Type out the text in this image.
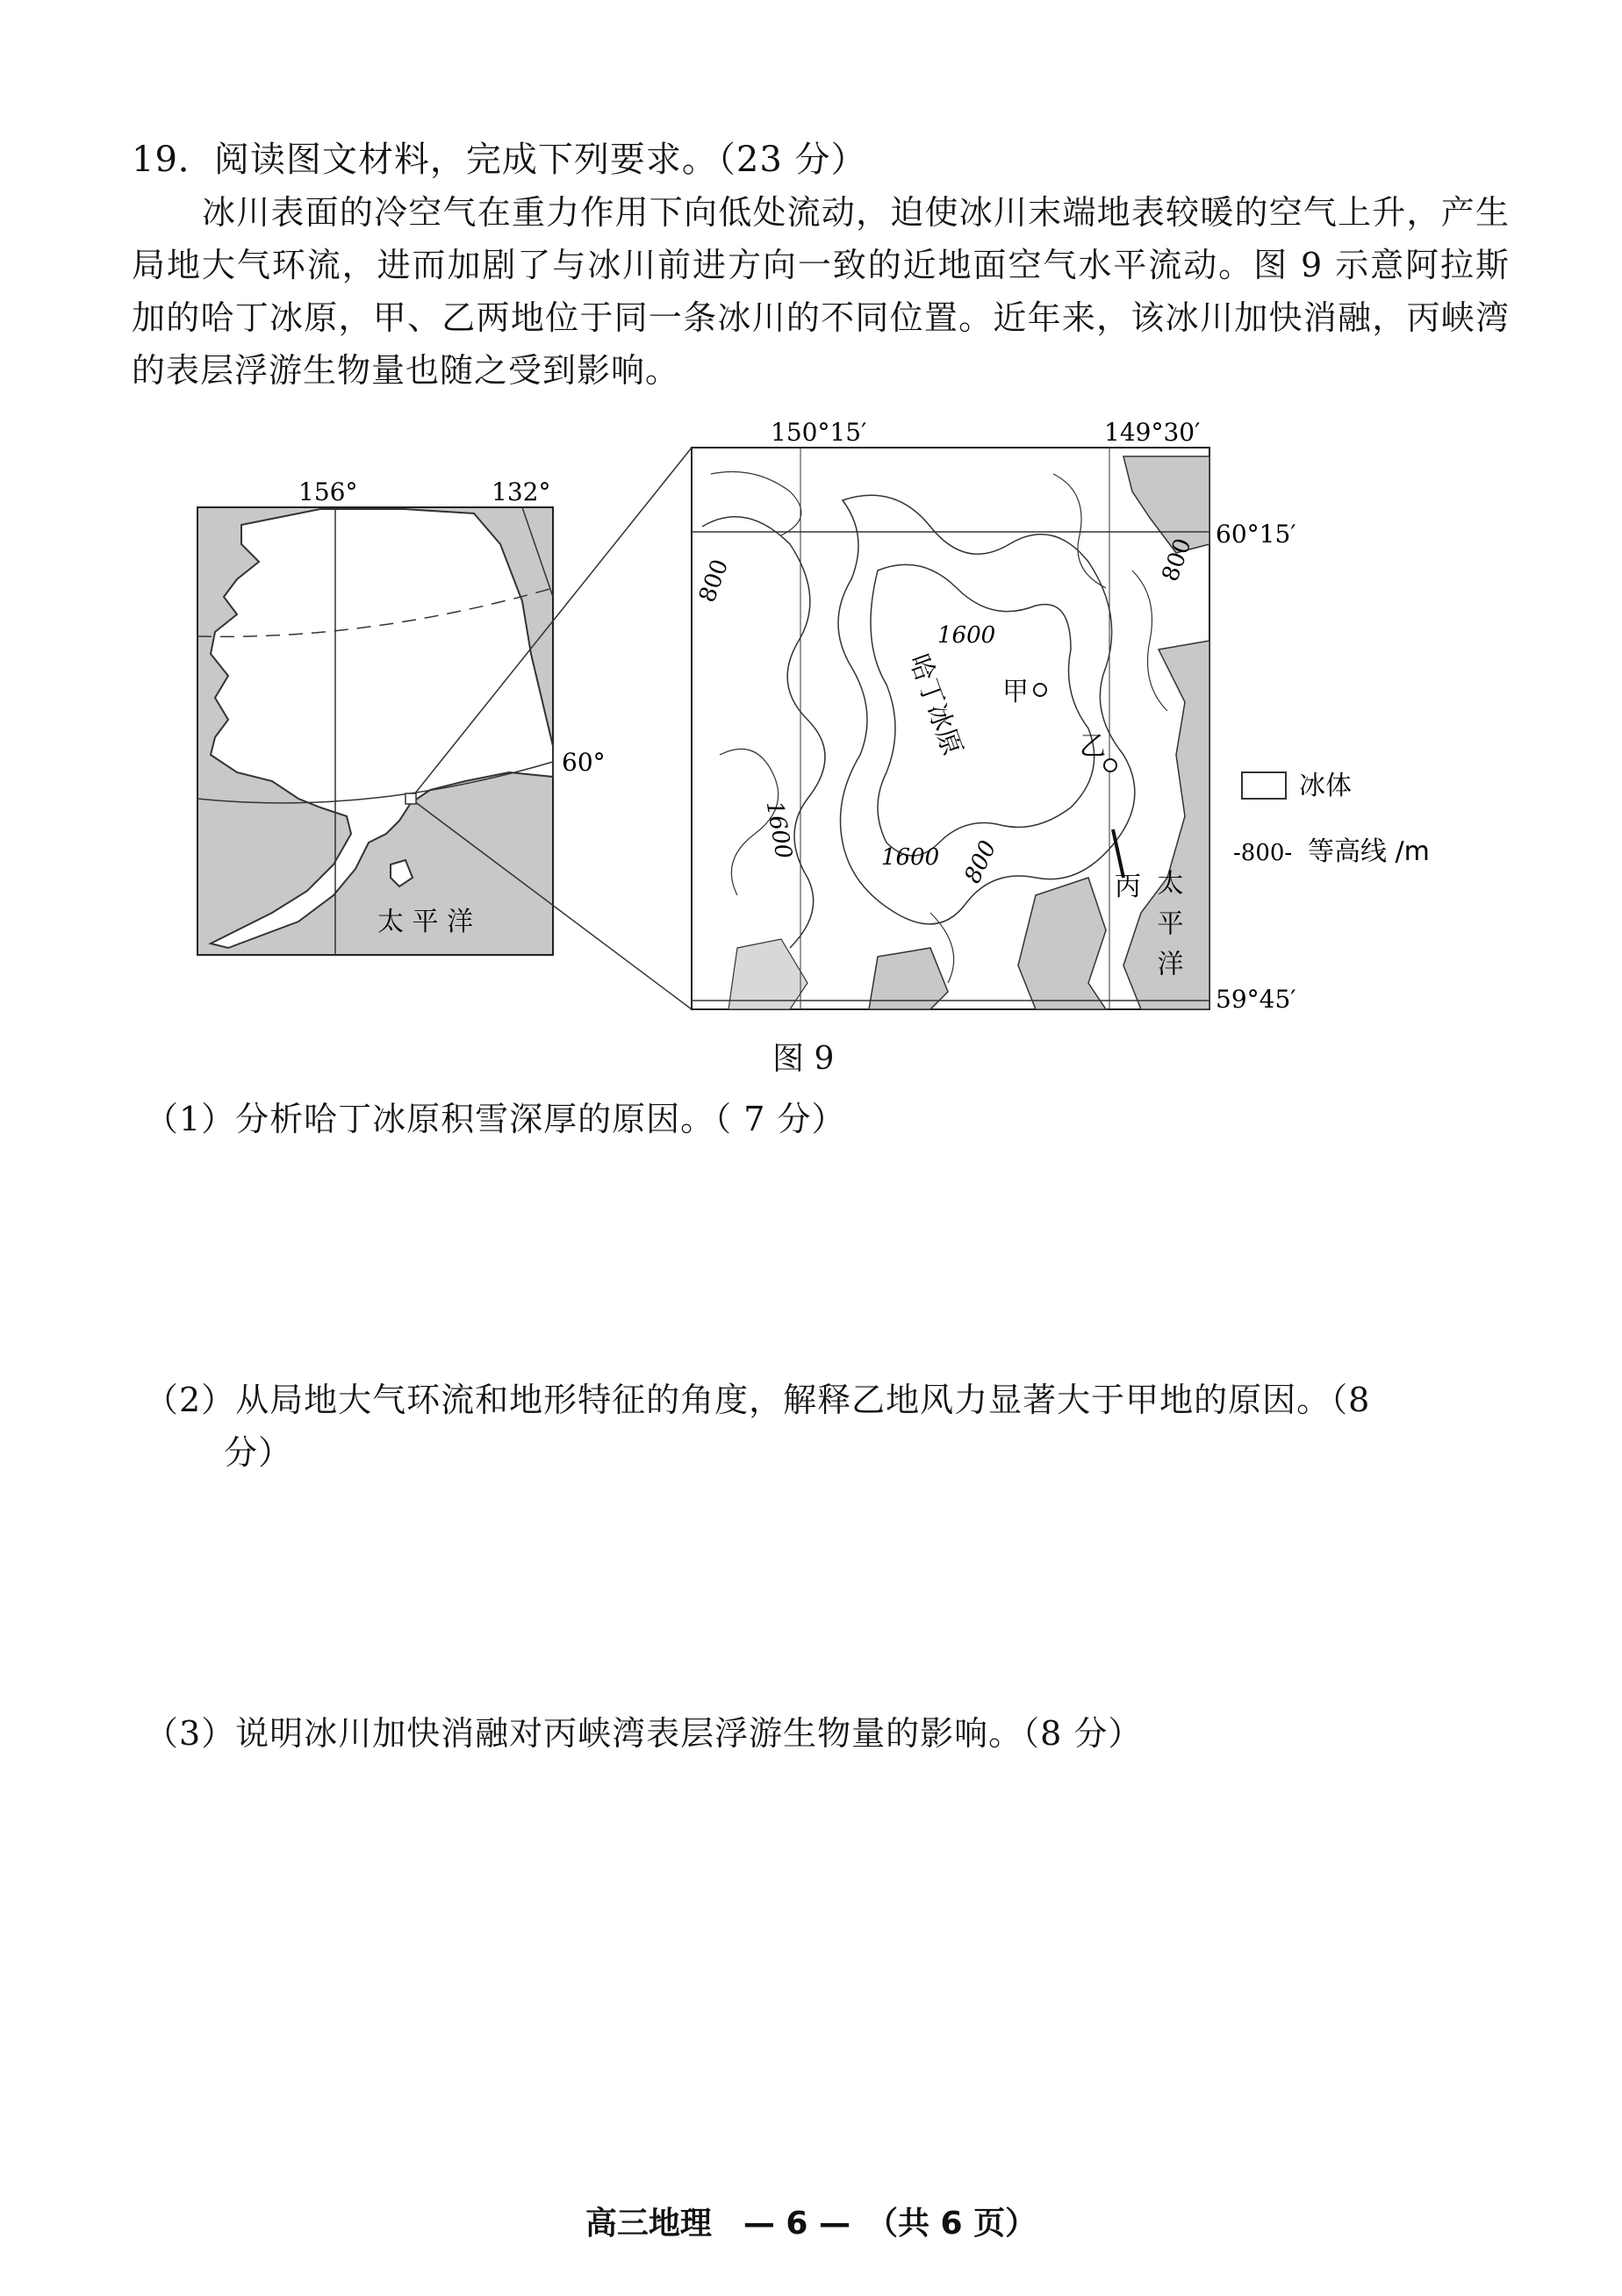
19．阅读图文材料，完成下列要求。（23 分）

冰川表面的冷空气在重力作用下向低处流动，迫使冰川末端地表较暖的空气上升，产生局地大气环流，进而加剧了与冰川前进方向一致的近地面空气水平流动。图 9 示意阿拉斯加的哈丁冰原，甲、乙两地位于同一条冰川的不同位置。近年来，该冰川加快消融，丙峡湾的表层浮游生物量也随之受到影响。

156°	132°
60°
太 平 洋
150°15′	149°30′
60°15′
59°45′
800
1600
1600	1600 800
800
哈丁冰原 甲
乙
丙 太平洋
冰体
-800- 等高线 /m
图 9
（1）分析哈丁冰原积雪深厚的原因。（ 7 分）
（2）从局地大气环流和地形特征的角度，解释乙地风力显著大于甲地的原因。（8
分）
（3）说明冰川加快消融对丙峡湾表层浮游生物量的影响。（8 分）
高三地理　— 6 —　（共 6 页）
